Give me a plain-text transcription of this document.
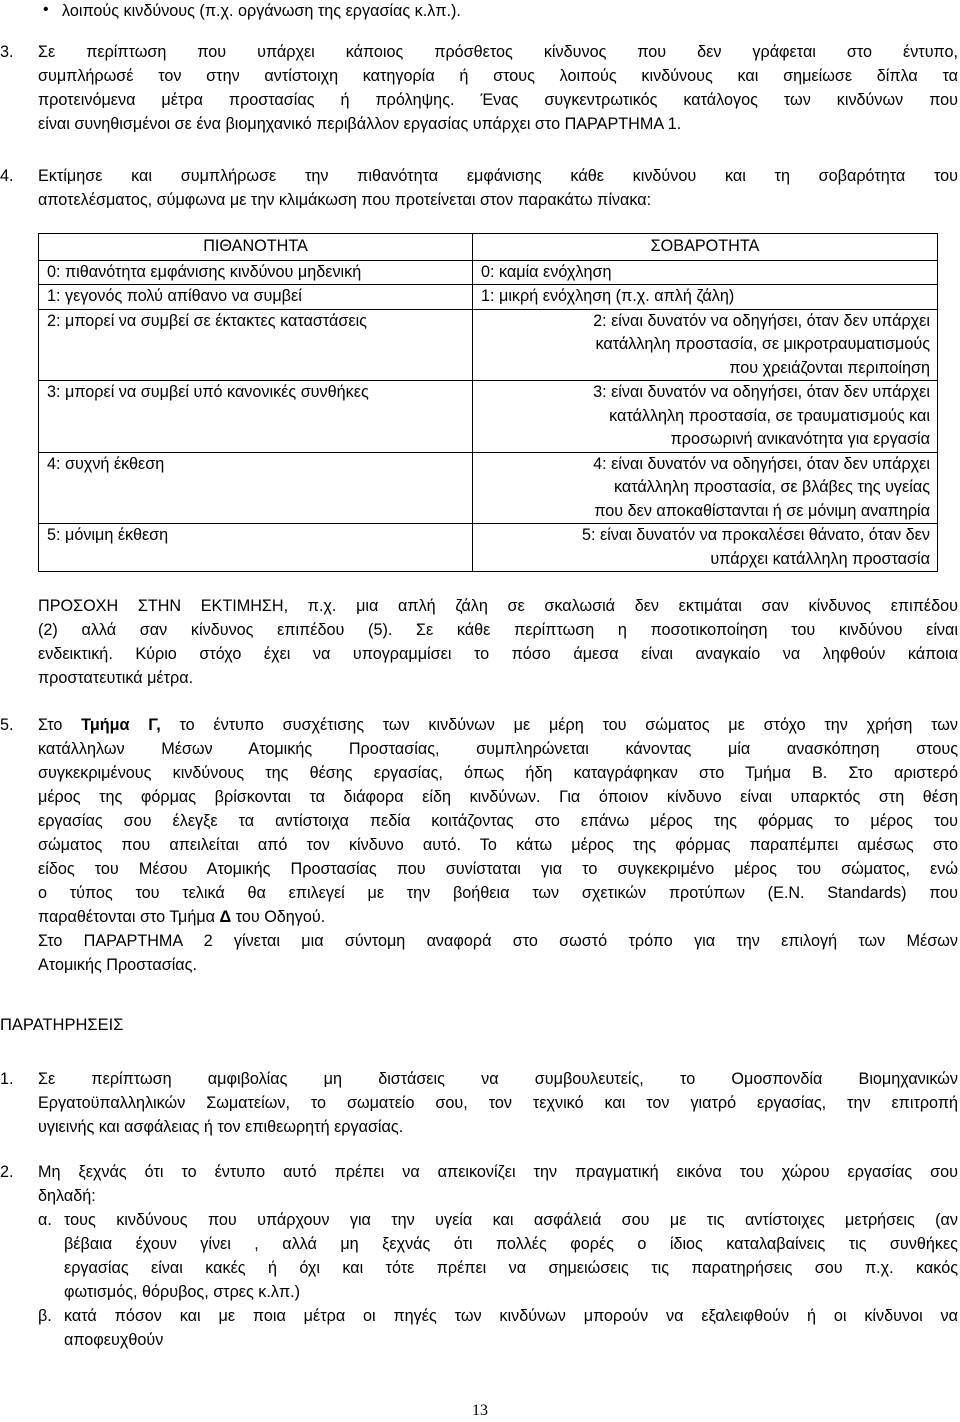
• λοιπούς κινδύνους (π.χ. οργάνωση της εργασίας κ.λπ.).
3. Σε περίπτωση που υπάρχει κάποιος πρόσθετος κίνδυνος που δεν γράφεται στο έντυπο,
συμπλήρωσέ τον στην αντίστοιχη κατηγορία ή στους λοιπούς κινδύνους και σημείωσε δίπλα τα
προτεινόμενα μέτρα προστασίας ή πρόληψης. Ένας συγκεντρωτικός κατάλογος των κινδύνων που
είναι συνηθισμένοι σε ένα βιομηχανικό περιβάλλον εργασίας υπάρχει στο ΠΑΡΑΡΤΗΜΑ 1.
4. Εκτίμησε και συμπλήρωσε την πιθανότητα εμφάνισης κάθε κινδύνου και τη σοβαρότητα του
αποτελέσματος, σύμφωνα με την κλιμάκωση που προτείνεται στον παρακάτω πίνακα:
ΠΙΘΑΝΟΤΗΤΑ	ΣΟΒΑΡΟΤΗΤΑ
0: πιθανότητα εμφάνισης κινδύνου μηδενική	0: καμία ενόχληση
1: γεγονός πολύ απίθανο να συμβεί	1: μικρή ενόχληση (π.χ. απλή ζάλη)
2: μπορεί να συμβεί σε έκτακτες καταστάσεις	2: είναι δυνατόν να οδηγήσει, όταν δεν υπάρχει
κατάλληλη προστασία, σε μικροτραυματισμούς
που χρειάζονται περιποίηση

3: μπορεί να συμβεί υπό κανονικές συνθήκες	3: είναι δυνατόν να οδηγήσει, όταν δεν υπάρχει
κατάλληλη προστασία, σε τραυματισμούς και
προσωρινή ανικανότητα για εργασία

4: συχνή έκθεση	4: είναι δυνατόν να οδηγήσει, όταν δεν υπάρχει
κατάλληλη προστασία, σε βλάβες της υγείας
που δεν αποκαθίστανται ή σε μόνιμη αναπηρία

5: μόνιμη έκθεση	5: είναι δυνατόν να προκαλέσει θάνατο, όταν δεν
υπάρχει κατάλληλη προστασία
ΠΡΟΣΟΧΗ ΣΤΗΝ ΕΚΤΙΜΗΣΗ, π.χ. μια απλή ζάλη σε σκαλωσιά δεν εκτιμάται σαν κίνδυνος επιπέδου
(2) αλλά σαν κίνδυνος επιπέδου (5). Σε κάθε περίπτωση η ποσοτικοποίηση του κινδύνου είναι
ενδεικτική. Κύριο στόχο έχει να υπογραμμίσει το πόσο άμεσα είναι αναγκαίο να ληφθούν κάποια
προστατευτικά μέτρα.
5. Στο Τμήμα Γ, το έντυπο συσχέτισης των κινδύνων με μέρη του σώματος με στόχο την χρήση των
κατάλληλων Μέσων Ατομικής Προστασίας, συμπληρώνεται κάνοντας μία ανασκόπηση στους
συγκεκριμένους κινδύνους της θέσης εργασίας, όπως ήδη καταγράφηκαν στο Τμήμα Β. Στο αριστερό
μέρος της φόρμας βρίσκονται τα διάφορα είδη κινδύνων. Για όποιον κίνδυνο είναι υπαρκτός στη θέση
εργασίας σου έλεγξε τα αντίστοιχα πεδία κοιτάζοντας στο επάνω μέρος της φόρμας το μέρος του
σώματος που απειλείται από τον κίνδυνο αυτό. Το κάτω μέρος της φόρμας παραπέμπει αμέσως στο
είδος του Μέσου Ατομικής Προστασίας που συνίσταται για το συγκεκριμένο μέρος του σώματος, ενώ
ο τύπος του τελικά θα επιλεγεί με την βοήθεια των σχετικών προτύπων (Ε.Ν. Standards) που
παραθέτονται στο Τμήμα Δ του Οδηγού.
Στο ΠΑΡΑΡΤΗΜΑ 2 γίνεται μια σύντομη αναφορά στο σωστό τρόπο για την επιλογή των Μέσων
Ατομικής Προστασίας.
ΠΑΡΑΤΗΡΗΣΕΙΣ
1. Σε περίπτωση αμφιβολίας μη διστάσεις να συμβουλευτείς, το Ομοσπονδία Βιομηχανικών
Εργατοϋπαλληλικών Σωματείων, το σωματείο σου, τον τεχνικό και τον γιατρό εργασίας, την επιτροπή
υγιεινής και ασφάλειας ή τον επιθεωρητή εργασίας.
2. Μη ξεχνάς ότι το έντυπο αυτό πρέπει να απεικονίζει την πραγματική εικόνα του χώρου εργασίας σου
δηλαδή:
α. τους κινδύνους που υπάρχουν για την υγεία και ασφάλειά σου με τις αντίστοιχες μετρήσεις (αν
βέβαια έχουν γίνει , αλλά μη ξεχνάς ότι πολλές φορές ο ίδιος καταλαβαίνεις τις συνθήκες
εργασίας είναι κακές ή όχι και τότε πρέπει να σημειώσεις τις παρατηρήσεις σου π.χ. κακός
φωτισμός, θόρυβος, στρες κ.λπ.)
β. κατά πόσον και με ποια μέτρα οι πηγές των κινδύνων μπορούν να εξαλειφθούν ή οι κίνδυνοι να
αποφευχθούν
13
